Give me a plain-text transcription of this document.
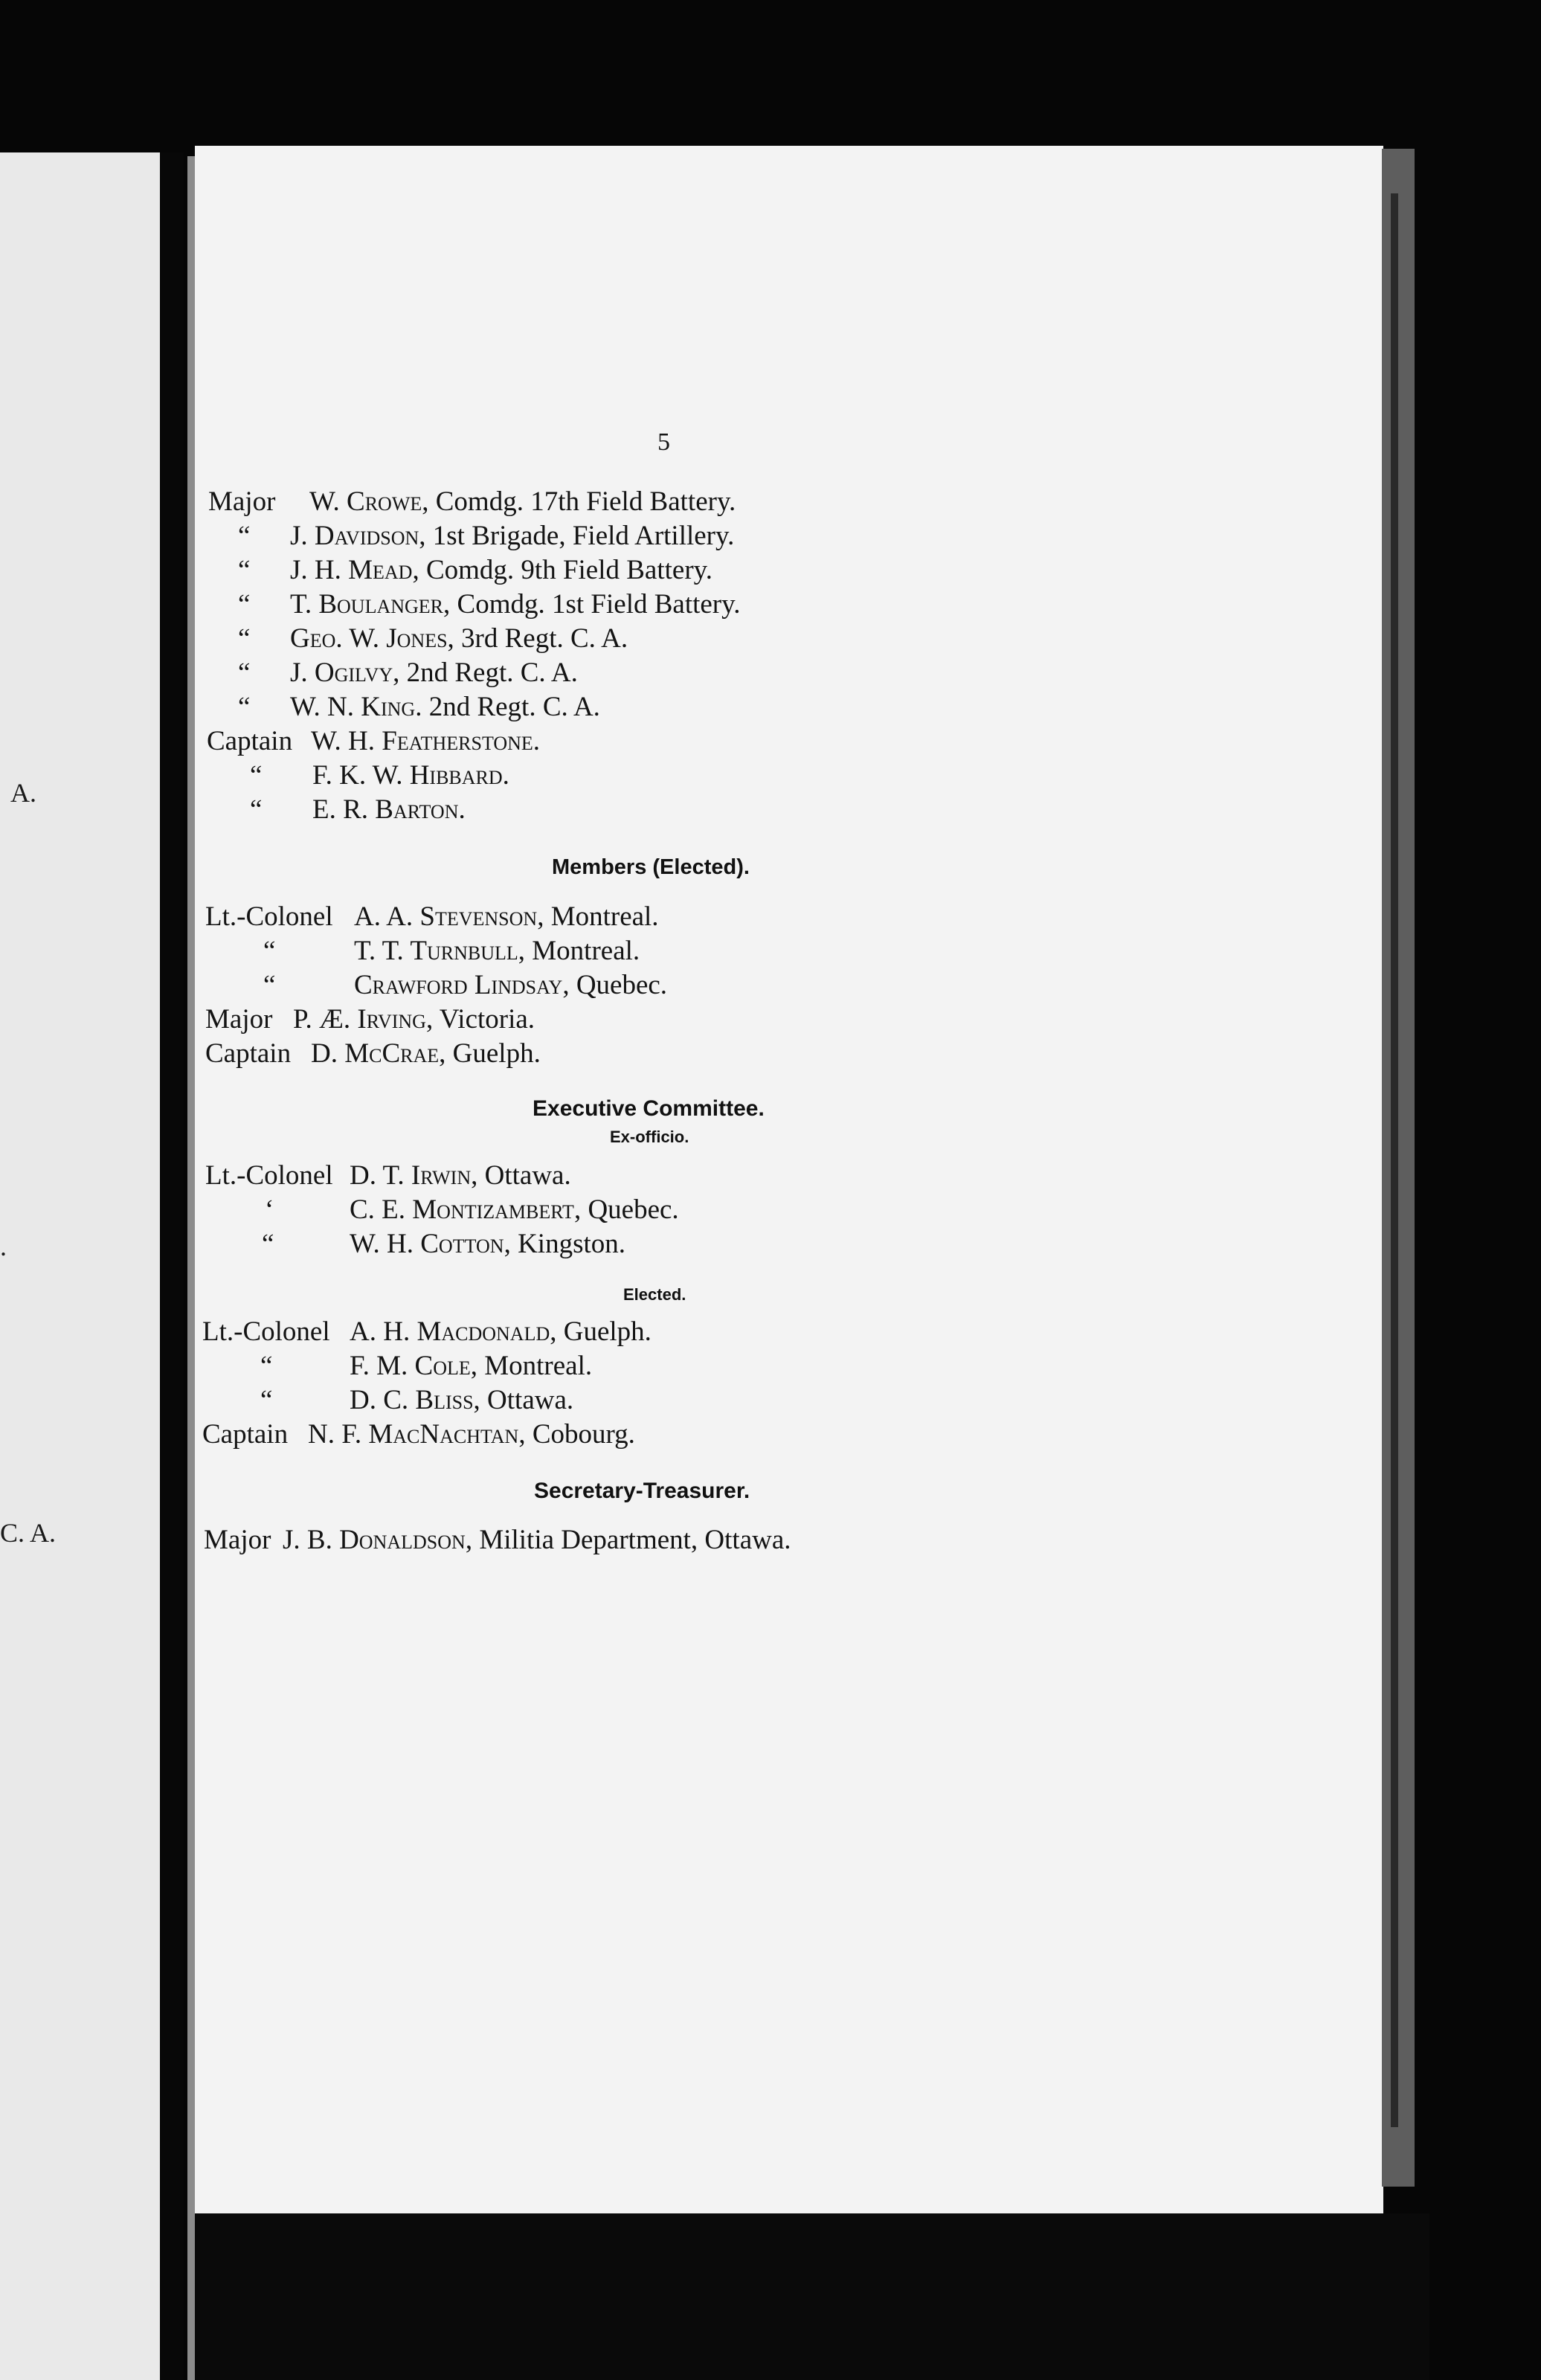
A.
.
C. A.
5
Major W. Crowe, Comdg. 17th Field Battery.
“ J. Davidson, 1st Brigade, Field Artillery.
“ J. H. Mead, Comdg. 9th Field Battery.
“ T. Boulanger, Comdg. 1st Field Battery.
“ Geo. W. Jones, 3rd Regt. C. A.
“ J. Ogilvy, 2nd Regt. C. A.
“ W. N. King. 2nd Regt. C. A.
Captain W. H. Featherstone.
“ F. K. W. Hibbard.
“ E. R. Barton.
Members (Elected).
Lt.-Colonel A. A. Stevenson, Montreal.
“	T. T. Turnbull, Montreal.
“	Crawford Lindsay, Quebec.
Major P. Æ. Irving, Victoria.
Captain D. McCrae, Guelph.
Executive Committee.
Ex-officio.
Lt.-Colonel D. T. Irwin, Ottawa.
‘	C. E. Montizambert, Quebec.
“	W. H. Cotton, Kingston.
Elected.
Lt.-Colonel A. H. Macdonald, Guelph.
“	F. M. Cole, Montreal.
“	D. C. Bliss, Ottawa.
Captain N. F. MacNachtan, Cobourg.
Secretary-Treasurer.
Major J. B. Donaldson, Militia Department, Ottawa.
